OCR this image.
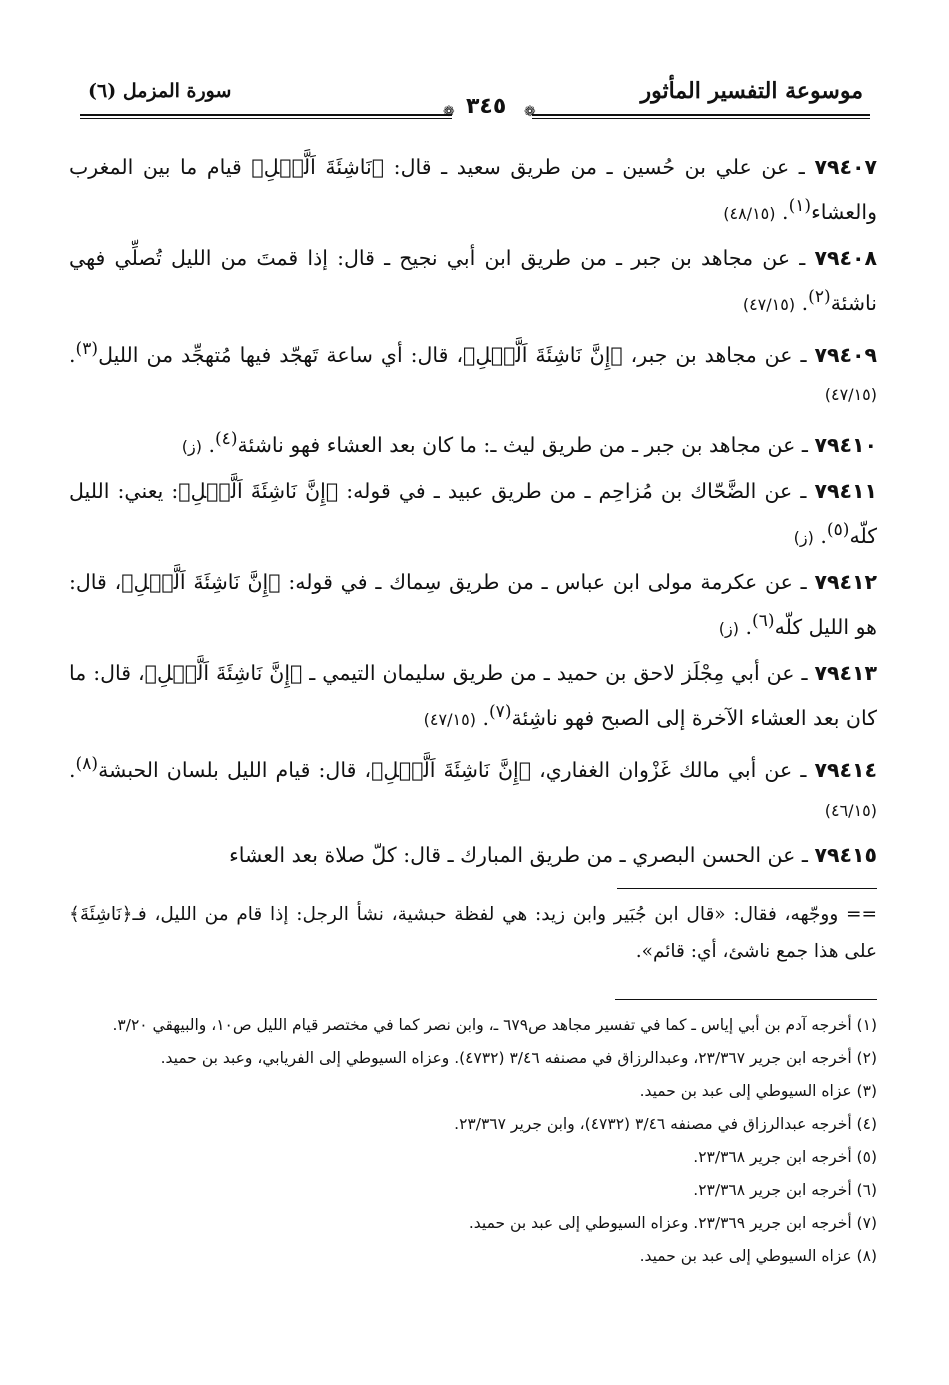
موسوعة التفسير المأثور
سورة المزمل (٦)
٣٤٥
❁	❁

٧٩٤٠٧ ـ عن علي بن حُسين ـ من طريق سعيد ـ قال: ﴿نَاشِئَةَ اَلَّيۡلِ﴾ قيام ما بين المغرب والعشاء$^{(١)}$. (٤٨/١٥)

٧٩٤٠٨ ـ عن مجاهد بن جبر ـ من طريق ابن أبي نجيح ـ قال: إذا قمتَ من الليل تُصلِّي فهي ناشئة$^{(٢)}$. (٤٧/١٥)

٧٩٤٠٩ ـ عن مجاهد بن جبر، ﴿إِنَّ نَاشِئَةَ اَلَّيۡلِ﴾، قال: أي ساعة تَهجّد فيها مُتهجِّد من الليل$^{(٣)}$. (٤٧/١٥)

٧٩٤١٠ ـ عن مجاهد بن جبر ـ من طريق ليث ـ: ما كان بعد العشاء فهو ناشئة$^{(٤)}$. (ز)

٧٩٤١١ ـ عن الضَّحّاك بن مُزاحِم ـ من طريق عبيد ـ في قوله: ﴿إِنَّ نَاشِئَةَ اَلَّيۡلِ﴾: يعني: الليل كلّه$^{(٥)}$. (ز)

٧٩٤١٢ ـ عن عكرمة مولى ابن عباس ـ من طريق سِماك ـ في قوله: ﴿إِنَّ نَاشِئَةَ اَلَّيۡلِ﴾، قال: هو الليل كلّه$^{(٦)}$. (ز)

٧٩٤١٣ ـ عن أبي مِجْلَز لاحق بن حميد ـ من طريق سليمان التيمي ـ ﴿إِنَّ نَاشِئَةَ اَلَّيۡلِ﴾، قال: ما كان بعد العشاء الآخرة إلى الصبح فهو ناشِئة$^{(٧)}$. (٤٧/١٥)

٧٩٤١٤ ـ عن أبي مالك غَزْوان الغفاري، ﴿إِنَّ نَاشِئَةَ اَلَّيۡلِ﴾، قال: قيام الليل بلسان الحبشة$^{(٨)}$. (٤٦/١٥)

٧٩٤١٥ ـ عن الحسن البصري ـ من طريق المبارك ـ قال: كلّ صلاة بعد العشاء

== ووجّهه، فقال: «قال ابن جُبَير وابن زيد: هي لفظة حبشية، نشأ الرجل: إذا قام من الليل، فـ﴿نَاشِئَةَ﴾ على هذا جمع ناشئ، أي: قائم».

(١) أخرجه آدم بن أبي إياس ـ كما في تفسير مجاهد ص٦٧٩ ـ، وابن نصر كما في مختصر قيام الليل ص١٠، والبيهقي ٣/٢٠.

(٢) أخرجه ابن جرير ٢٣/٣٦٧، وعبدالرزاق في مصنفه ٣/٤٦ (٤٧٣٢). وعزاه السيوطي إلى الفريابي، وعبد بن حميد.

(٣) عزاه السيوطي إلى عبد بن حميد.

(٤) أخرجه عبدالرزاق في مصنفه ٣/٤٦ (٤٧٣٢)، وابن جرير ٢٣/٣٦٧.

(٥) أخرجه ابن جرير ٢٣/٣٦٨.

(٦) أخرجه ابن جرير ٢٣/٣٦٨.

(٧) أخرجه ابن جرير ٢٣/٣٦٩. وعزاه السيوطي إلى عبد بن حميد.

(٨) عزاه السيوطي إلى عبد بن حميد.
